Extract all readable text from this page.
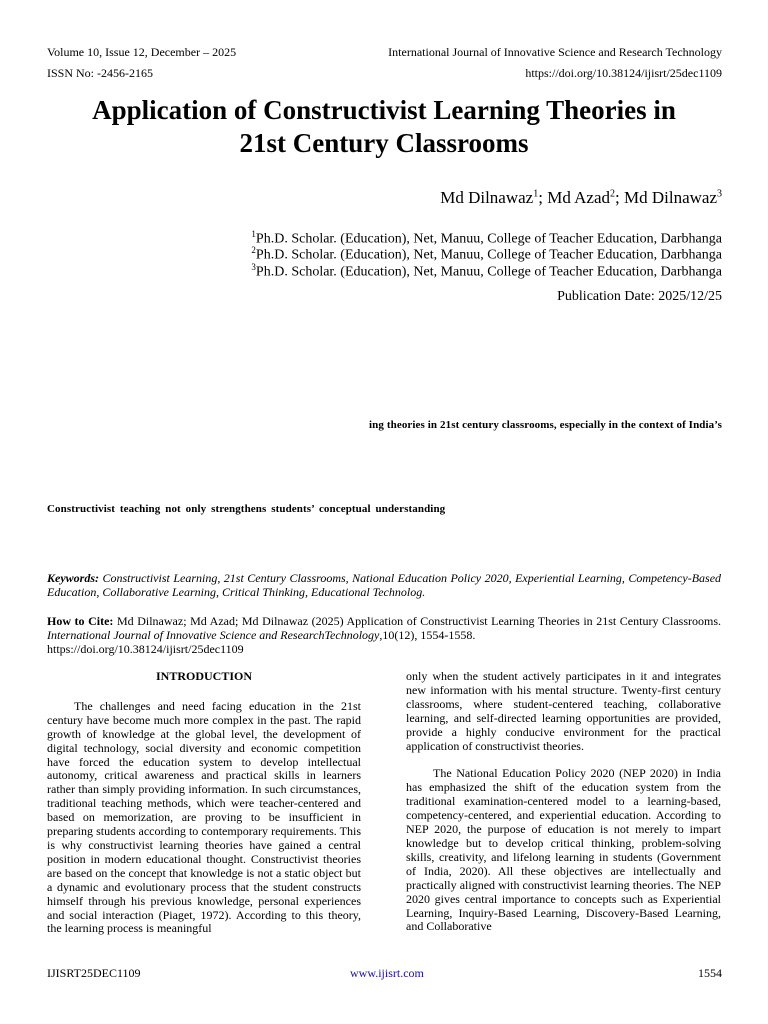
Volume 10, Issue 12, December – 2025	International Journal of Innovative Science and Research Technology
ISSN No: -2456-2165	https://doi.org/10.38124/ijisrt/25dec1109
Application of Constructivist Learning Theories in
21st Century Classrooms
Md Dilnawaz$^1$; Md Azad$^2$; Md Dilnawaz$^3$
$^1$Ph.D. Scholar. (Education), Net, Manuu, College of Teacher Education, Darbhanga
$^2$Ph.D. Scholar. (Education), Net, Manuu, College of Teacher Education, Darbhanga
$^3$Ph.D. Scholar. (Education), Net, Manuu, College of Teacher Education, Darbhanga
Publication Date: 2025/12/25
ing theories in 21st century classrooms, especially in the context of India’s
Constructivist teaching not only strengthens students’ conceptual understanding
Keywords: Constructivist Learning, 21st Century Classrooms, National Education Policy 2020, Experiential Learning, Competency-Based Education, Collaborative Learning, Critical Thinking, Educational Technolog.
How to Cite: Md Dilnawaz; Md Azad; Md Dilnawaz (2025) Application of Constructivist Learning Theories in 21st Century Classrooms. International Journal of Innovative Science and ResearchTechnology,10(12), 1554-1558.
https://doi.org/10.38124/ijisrt/25dec1109
INTRODUCTION

The challenges and need facing education in the 21st century have become much more complex in the past. The rapid growth of knowledge at the global level, the development of digital technology, social diversity and economic competition have forced the education system to develop intellectual autonomy, critical awareness and practical skills in learners rather than simply providing information. In such circumstances, traditional teaching methods, which were teacher-centered and based on memorization, are proving to be insufficient in preparing students according to contemporary requirements. This is why constructivist learning theories have gained a central position in modern educational thought. Constructivist theories are based on the concept that knowledge is not a static object but a dynamic and evolutionary process that the student constructs himself through his previous knowledge, personal experiences and social interaction (Piaget, 1972). According to this theory, the learning process is meaningful

only when the student actively participates in it and integrates new information with his mental structure. Twenty-first century classrooms, where student-centered teaching, collaborative learning, and self-directed learning opportunities are provided, provide a highly conducive environment for the practical application of constructivist theories.

The National Education Policy 2020 (NEP 2020) in India has emphasized the shift of the education system from the traditional examination-centered model to a learning-based, competency-centered, and experiential education. According to NEP 2020, the purpose of education is not merely to impart knowledge but to develop critical thinking, problem-solving skills, creativity, and lifelong learning in students (Government of India, 2020). All these objectives are intellectually and practically aligned with constructivist learning theories. The NEP 2020 gives central importance to concepts such as Experiential Learning, Inquiry-Based Learning, Discovery-Based Learning, and Collaborative

IJISRT25DEC1109	www.ijisrt.com	1554
